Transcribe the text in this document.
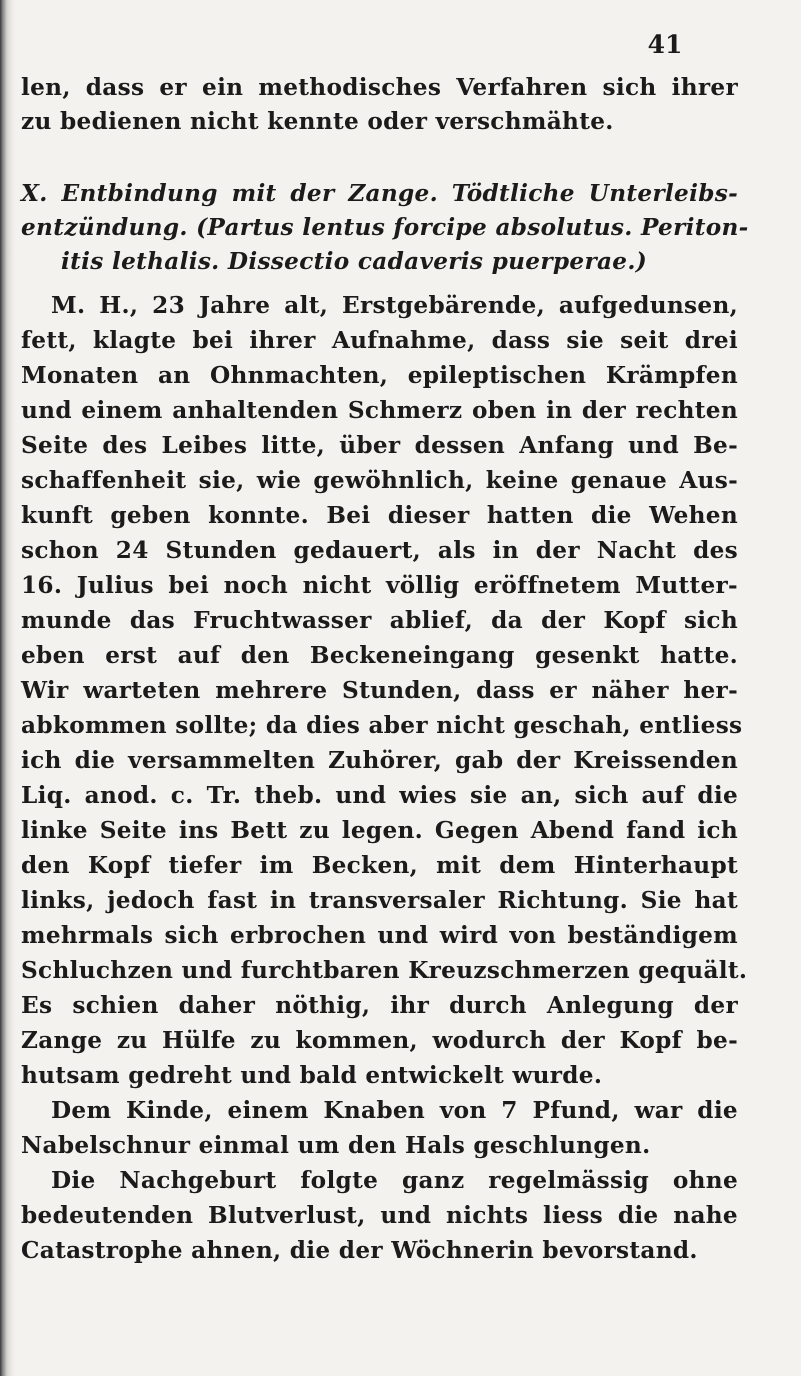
41
len, dass er ein methodisches Verfahren sich ihrer
zu bedienen nicht kennte oder verschmähte.
X. Entbindung mit der Zange. Tödtliche Unterleibs-
entzündung. (Partus lentus forcipe absolutus. Periton-
itis lethalis. Dissectio cadaveris puerperae.)
M. H., 23 Jahre alt, Erstgebärende, aufgedunsen,
fett, klagte bei ihrer Aufnahme, dass sie seit drei
Monaten an Ohnmachten, epileptischen Krämpfen
und einem anhaltenden Schmerz oben in der rechten
Seite des Leibes litte, über dessen Anfang und Be-
schaffenheit sie, wie gewöhnlich, keine genaue Aus-
kunft geben konnte. Bei dieser hatten die Wehen
schon 24 Stunden gedauert, als in der Nacht des
16. Julius bei noch nicht völlig eröffnetem Mutter-
munde das Fruchtwasser ablief, da der Kopf sich
eben erst auf den Beckeneingang gesenkt hatte.
Wir warteten mehrere Stunden, dass er näher her-
abkommen sollte; da dies aber nicht geschah, entliess
ich die versammelten Zuhörer, gab der Kreissenden
Liq. anod. c. Tr. theb. und wies sie an, sich auf die
linke Seite ins Bett zu legen. Gegen Abend fand ich
den Kopf tiefer im Becken, mit dem Hinterhaupt
links, jedoch fast in transversaler Richtung. Sie hat
mehrmals sich erbrochen und wird von beständigem
Schluchzen und furchtbaren Kreuzschmerzen gequält.
Es schien daher nöthig, ihr durch Anlegung der
Zange zu Hülfe zu kommen, wodurch der Kopf be-
hutsam gedreht und bald entwickelt wurde.
Dem Kinde, einem Knaben von 7 Pfund, war die
Nabelschnur einmal um den Hals geschlungen.
Die Nachgeburt folgte ganz regelmässig ohne
bedeutenden Blutverlust, und nichts liess die nahe
Catastrophe ahnen, die der Wöchnerin bevorstand.
